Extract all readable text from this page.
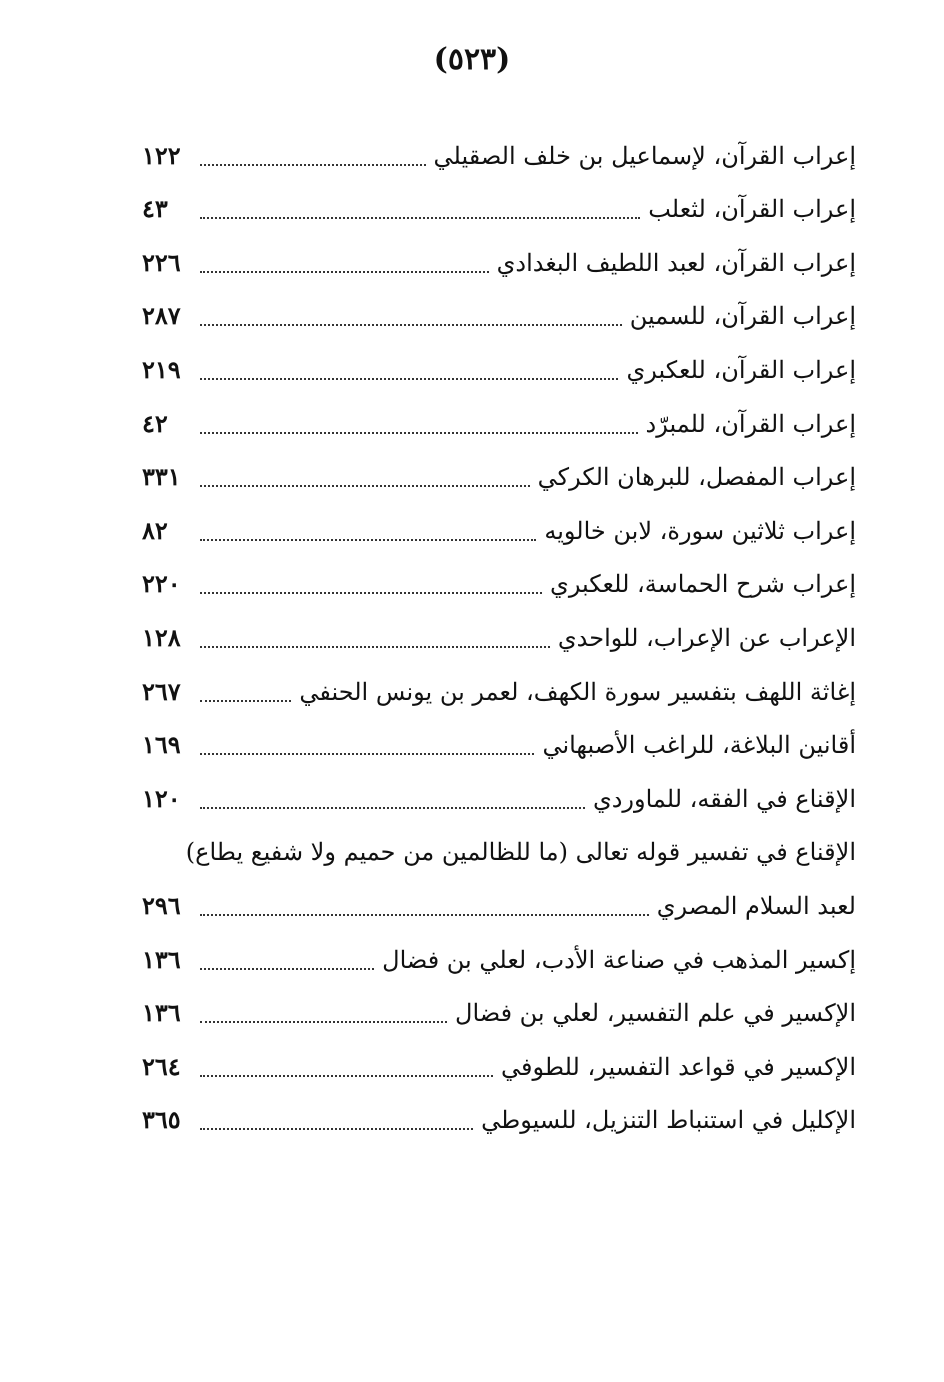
(٥٢٣)
إعراب القرآن، لإسماعيل بن خلف الصقيلي
١٢٢
إعراب القرآن، لثعلب
٤٣
إعراب القرآن، لعبد اللطيف البغدادي
٢٢٦
إعراب القرآن، للسمين
٢٨٧
إعراب القرآن، للعكبري
٢١٩
إعراب القرآن، للمبرّد
٤٢
إعراب المفصل، للبرهان الكركي
٣٣١
إعراب ثلاثين سورة، لابن خالويه
٨٢
إعراب شرح الحماسة، للعكبري
٢٢٠
الإعراب عن الإعراب، للواحدي
١٢٨
إغاثة اللهف بتفسير سورة الكهف، لعمر بن يونس الحنفي
٢٦٧
أقانين البلاغة، للراغب الأصبهاني
١٦٩
الإقناع في الفقه، للماوردي
١٢٠
الإقناع في تفسير قوله تعالى (ما للظالمين من حميم ولا شفيع يطاع)
لعبد السلام المصري
٢٩٦
إكسير المذهب في صناعة الأدب، لعلي بن فضال
١٣٦
الإكسير في علم التفسير، لعلي بن فضال
١٣٦
الإكسير في قواعد التفسير، للطوفي
٢٦٤
الإكليل في استنباط التنزيل، للسيوطي
٣٦٥
